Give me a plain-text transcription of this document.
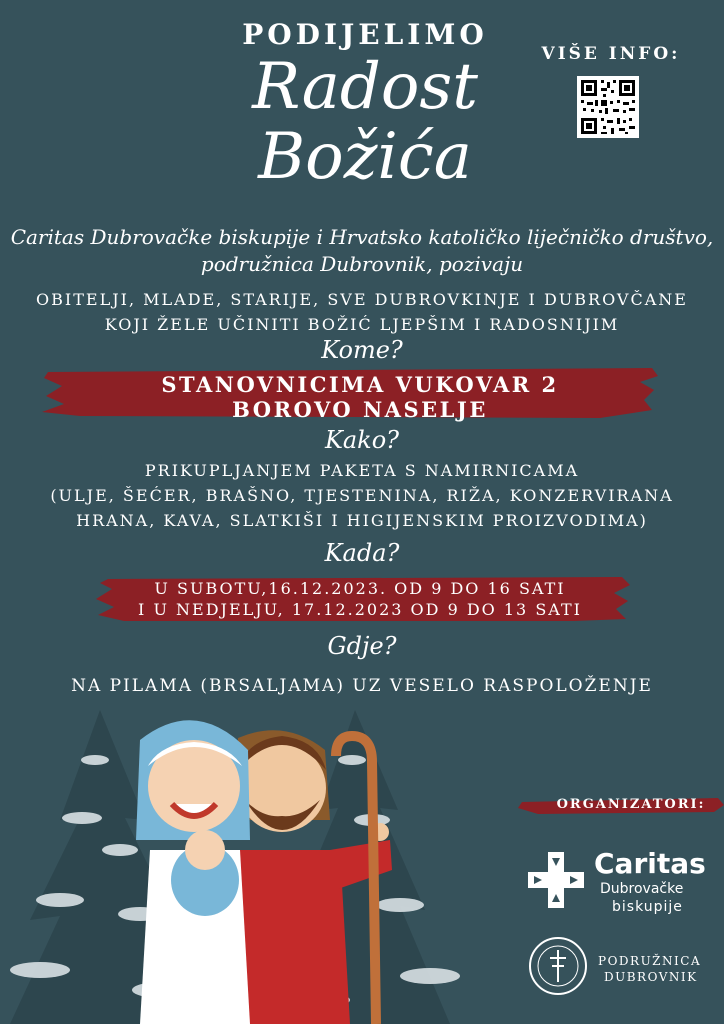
PODIJELIMO
Radost
Božića
VIŠE INFO:
Caritas Dubrovačke biskupije i Hrvatsko katoličko liječničko društvo,
podružnica Dubrovnik, pozivaju
OBITELJI, MLADE, STARIJE, SVE DUBROVKINJE I DUBROVČANE
KOJI ŽELE UČINITI BOŽIĆ LJEPŠIM I RADOSNIJIM
Kome?
STANOVNICIMA VUKOVAR 2
BOROVO NASELJE
Kako?
PRIKUPLJANJEM PAKETA S NAMIRNICAMA
(ULJE, ŠEĆER, BRAŠNO, TJESTENINA, RIŽA, KONZERVIRANA
HRANA, KAVA, SLATKIŠI I HIGIJENSKIM PROIZVODIMA)
Kada?
U SUBOTU,16.12.2023. OD 9 DO 16 SATI
I U NEDJELJU, 17.12.2023 OD 9 DO 13 SATI
Gdje?
NA PILAMA (BRSALJAMA) UZ VESELO RASPOLOŽENJE
ORGANIZATORI:
Caritas
Dubrovačke
biskupije
PODRUŽNICA
DUBROVNIK
